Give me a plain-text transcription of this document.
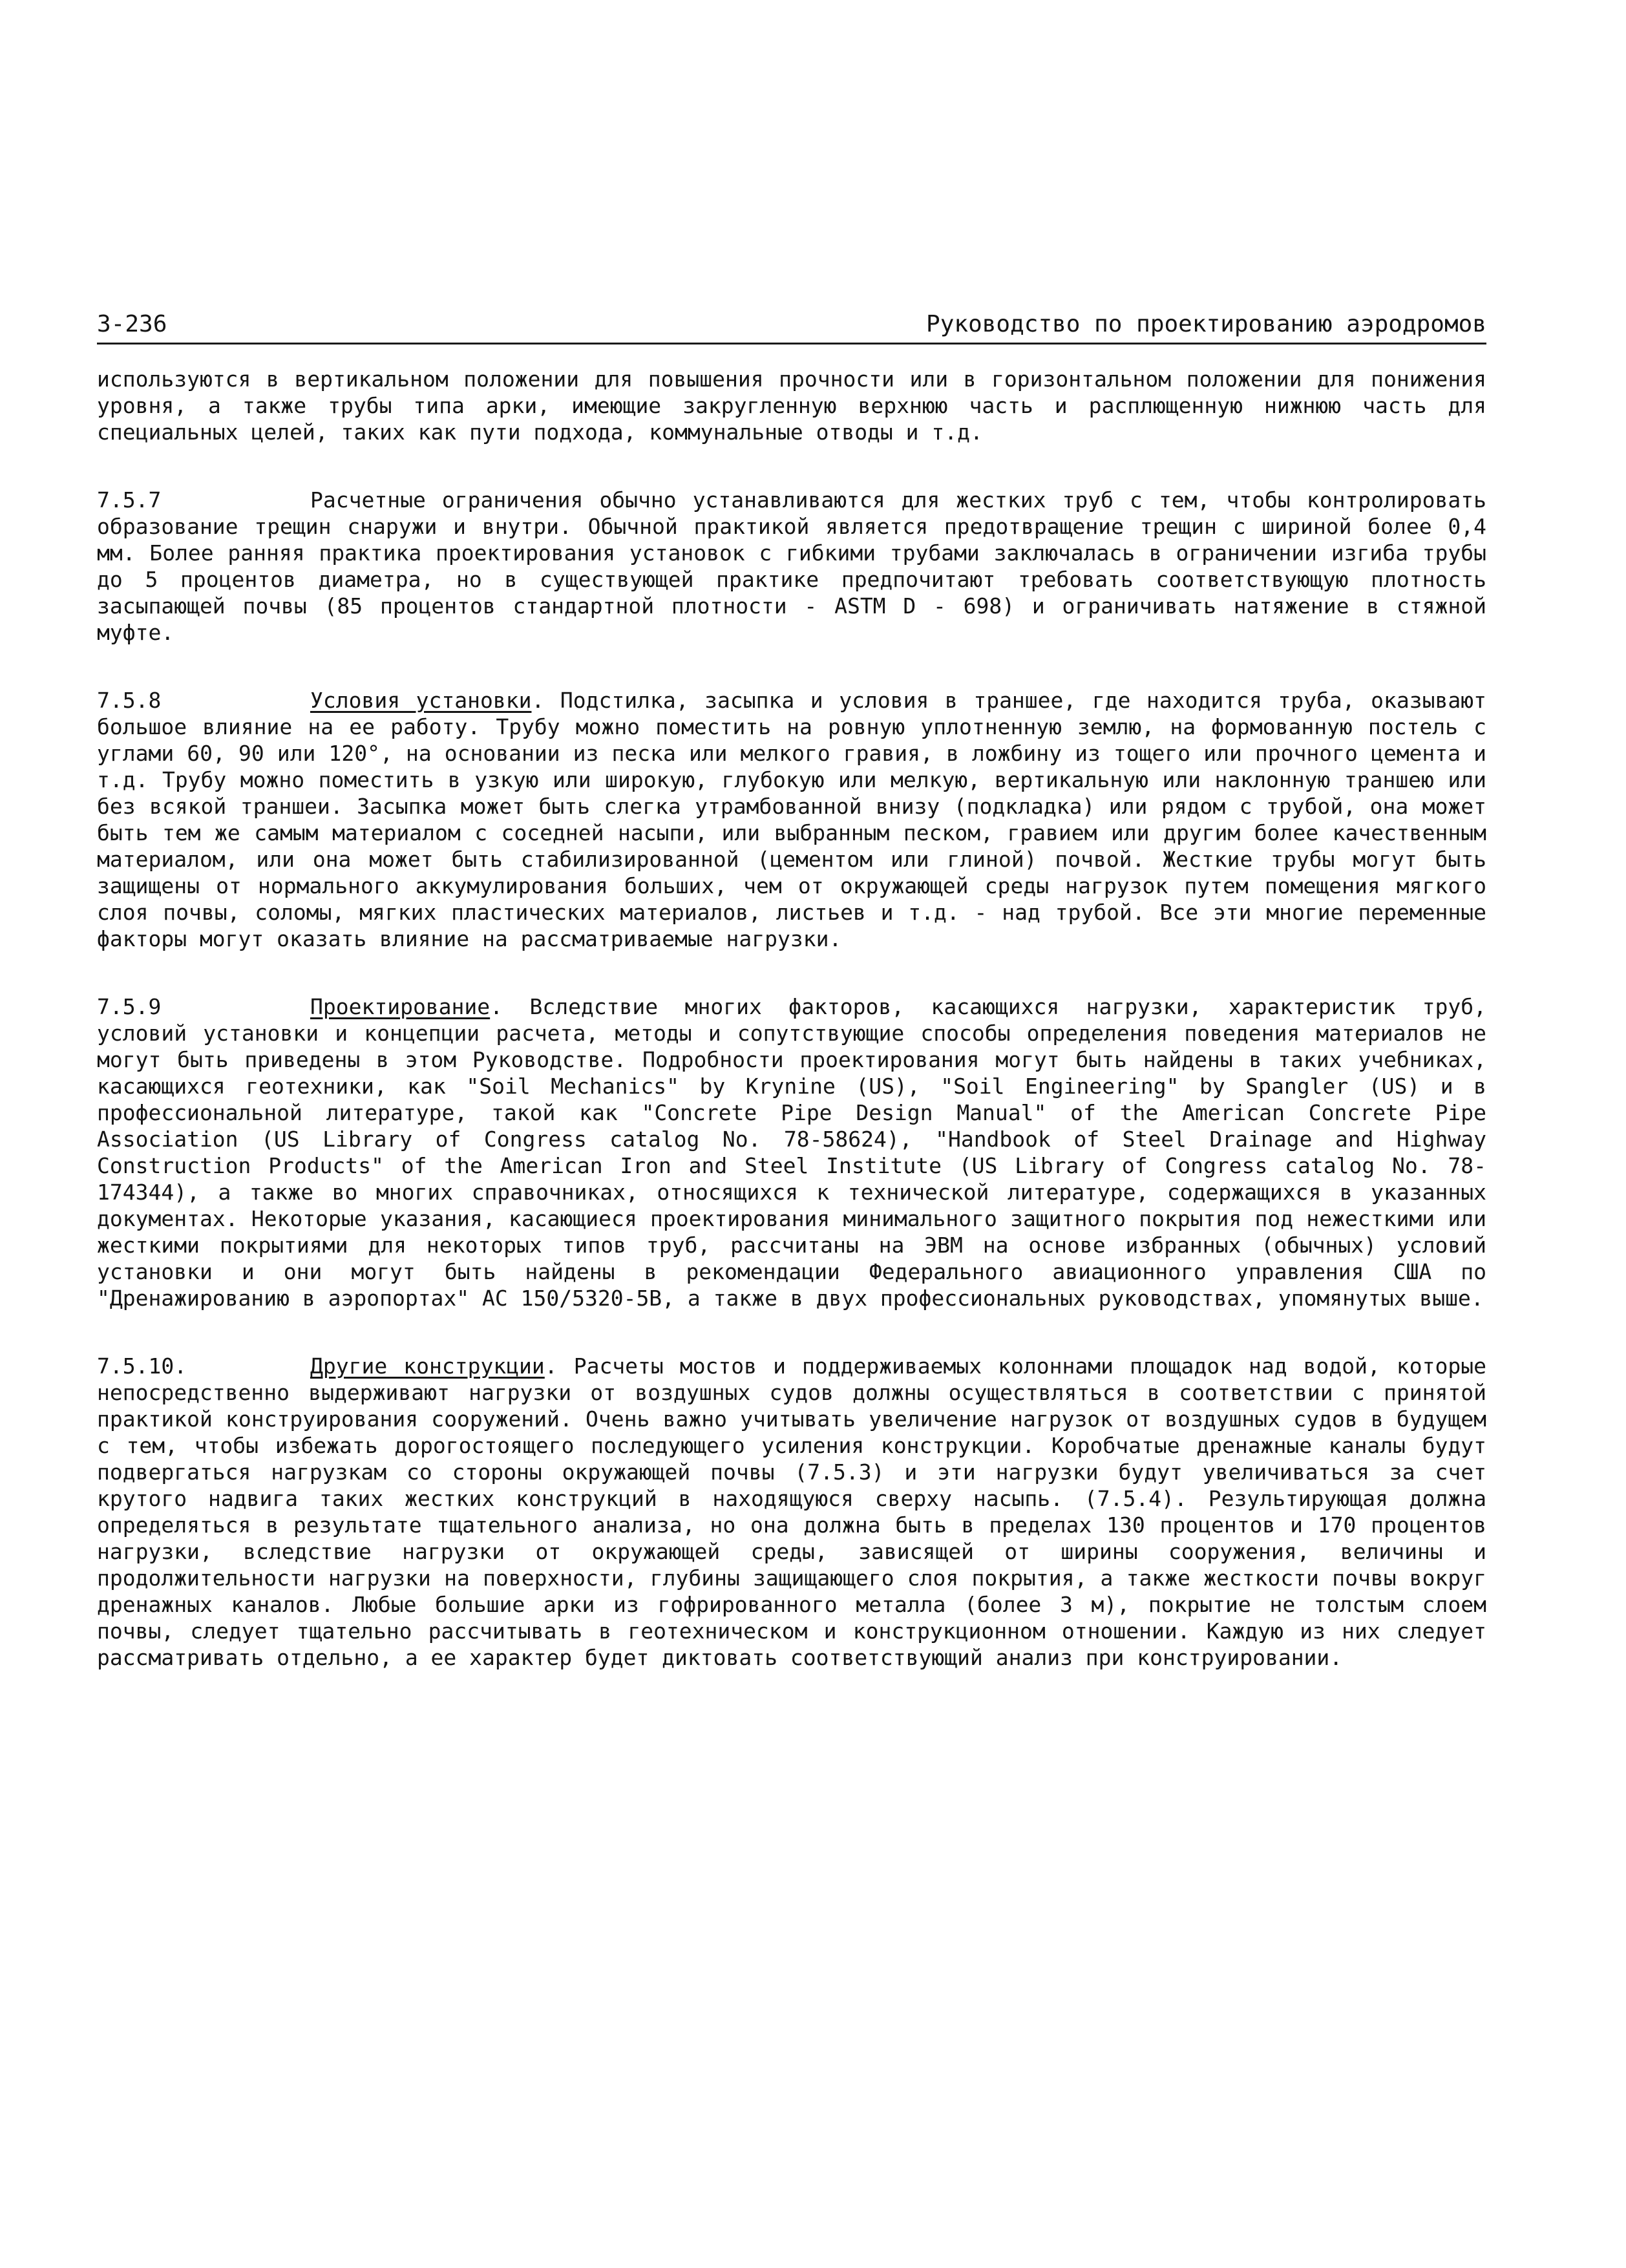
3-236	Руководство по проектированию аэродромов

используются в вертикальном положении для повышения прочности или в горизонтальном положении для понижения уровня, а также трубы типа арки, имеющие закругленную верхнюю часть и расплющенную нижнюю часть для специальных целей, таких как пути подхода, коммунальные отводы и т.д.

7.5.7	Расчетные ограничения обычно устанавливаются для жестких труб с тем, чтобы контролировать образование трещин снаружи и внутри. Обычной практикой является предотвращение трещин с шириной более 0,4 мм. Более ранняя практика проектирования установок с гибкими трубами заключалась в ограничении изгиба трубы до 5 процентов диаметра, но в существующей практике предпочитают требовать соответствующую плотность засыпающей почвы (85 процентов стандартной плотности - ASTM D - 698) и ограничивать натяжение в стяжной муфте.

7.5.8	Условия установки. Подстилка, засыпка и условия в траншее, где находится труба, оказывают большое влияние на ее работу. Трубу можно поместить на ровную уплотненную землю, на формованную постель с углами 60, 90 или 120°, на основании из песка или мелкого гравия, в ложбину из тощего или прочного цемента и т.д. Трубу можно поместить в узкую или широкую, глубокую или мелкую, вертикальную или наклонную траншею или без всякой траншеи. Засыпка может быть слегка утрамбованной внизу (подкладка) или рядом с трубой, она может быть тем же самым материалом с соседней насыпи, или выбранным песком, гравием или другим более качественным материалом, или она может быть стабилизированной (цементом или глиной) почвой. Жесткие трубы могут быть защищены от нормального аккумулирования больших, чем от окружающей среды нагрузок путем помещения мягкого слоя почвы, соломы, мягких пластических материалов, листьев и т.д. - над трубой. Все эти многие переменные факторы могут оказать влияние на рассматриваемые нагрузки.

7.5.9	Проектирование. Вследствие многих факторов, касающихся нагрузки, характеристик труб, условий установки и концепции расчета, методы и сопутствующие способы определения поведения материалов не могут быть приведены в этом Руководстве. Подробности проектирования могут быть найдены в таких учебниках, касающихся геотехники, как "Soil Mechanics" by Krynine (US), "Soil Engineering" by Spangler (US) и в профессиональной литературе, такой как "Concrete Pipe Design Manual" of the American Concrete Pipe Association (US Library of Congress catalog No. 78-58624), "Handbook of Steel Drainage and Highway Construction Products" of the American Iron and Steel Institute (US Library of Congress catalog No. 78-174344), а также во многих справочниках, относящихся к технической литературе, содержащихся в указанных документах. Некоторые указания, касающиеся проектирования минимального защитного покрытия под нежесткими или жесткими покрытиями для некоторых типов труб, рассчитаны на ЭВМ на основе избранных (обычных) условий установки и они могут быть найдены в рекомендации Федерального авиационного управления США по "Дренажированию в аэропортах" АС 150/5320-5В, а также в двух профессиональных руководствах, упомянутых выше.

7.5.10.	Другие конструкции. Расчеты мостов и поддерживаемых колоннами площадок над водой, которые непосредственно выдерживают нагрузки от воздушных судов должны осуществляться в соответствии с принятой практикой конструирования сооружений. Очень важно учитывать увеличение нагрузок от воздушных судов в будущем с тем, чтобы избежать дорогостоящего последующего усиления конструкции. Коробчатые дренажные каналы будут подвергаться нагрузкам со стороны окружающей почвы (7.5.3) и эти нагрузки будут увеличиваться за счет крутого надвига таких жестких конструкций в находящуюся сверху насыпь. (7.5.4). Результирующая должна определяться в результате тщательного анализа, но она должна быть в пределах 130 процентов и 170 процентов нагрузки, вследствие нагрузки от окружающей среды, зависящей от ширины сооружения, величины и продолжительности нагрузки на поверхности, глубины защищающего слоя покрытия, а также жесткости почвы вокруг дренажных каналов. Любые большие арки из гофрированного металла (более 3 м), покрытие не толстым слоем почвы, следует тщательно рассчитывать в геотехническом и конструкционном отношении. Каждую из них следует рассматривать отдельно, а ее характер будет диктовать соответствующий анализ при конструировании.
